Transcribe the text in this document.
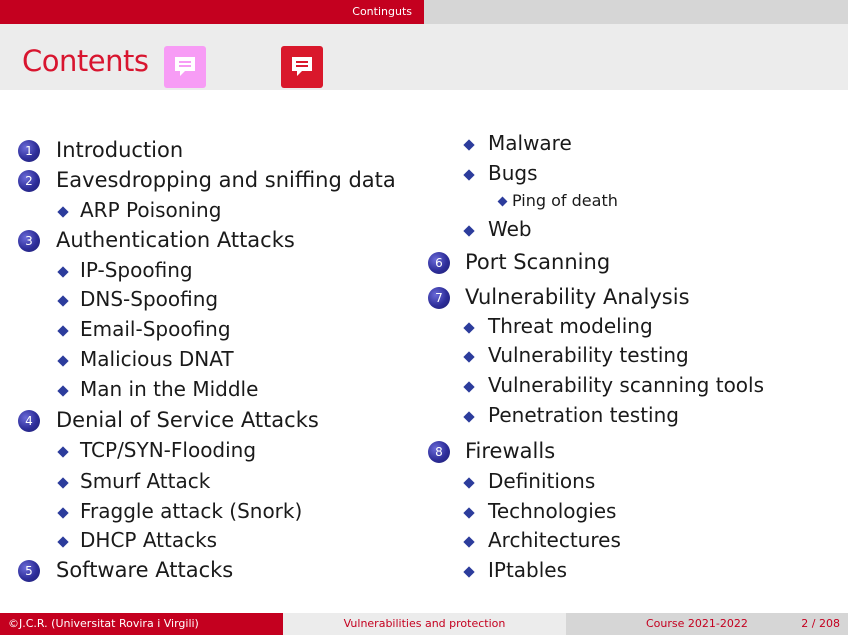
Continguts
Contents
1	Introduction
2	Eavesdropping and sniffing data
ARP Poisoning
3	Authentication Attacks
IP-Spoofing
DNS-Spoofing
Email-Spoofing
Malicious DNAT
Man in the Middle
4	Denial of Service Attacks
TCP/SYN-Flooding
Smurf Attack
Fraggle attack (Snork)
DHCP Attacks
5	Software Attacks
Malware
Bugs
Ping of death
Web
6	Port Scanning
7	Vulnerability Analysis
Threat modeling
Vulnerability testing
Vulnerability scanning tools
Penetration testing
8	Firewalls
Definitions
Technologies
Architectures
IPtables
©J.C.R. (Universitat Rovira i Virgili)	Vulnerabilities and protection	Course 2021-2022	2 / 208
